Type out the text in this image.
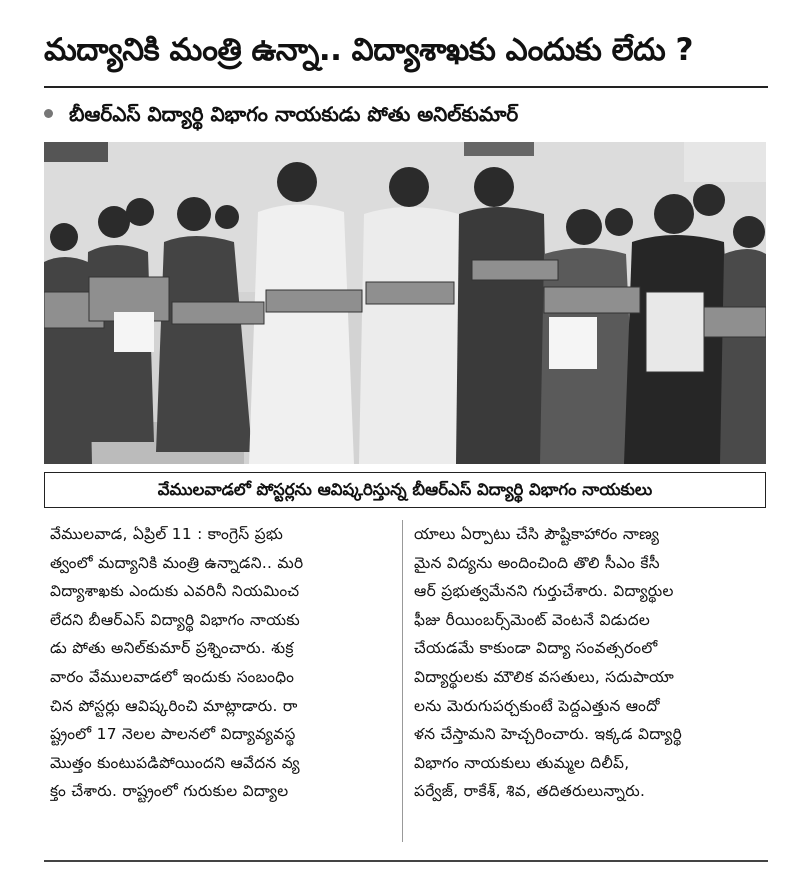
మద్యానికి మంత్రి ఉన్నా.. విద్యాశాఖకు ఎందుకు లేదు ?
బీఆర్ఎస్ విద్యార్థి విభాగం నాయకుడు పోతు అనిల్‌కుమార్
వేములవాడలో పోస్టర్లను ఆవిష్కరిస్తున్న బీఆర్ఎస్ విద్యార్థి విభాగం నాయకులు
వేములవాడ, ఏప్రిల్ 11 : కాంగ్రెస్ ప్రభు
త్వంలో మద్యానికి మంత్రి ఉన్నాడని.. మరి
విద్యాశాఖకు ఎందుకు ఎవరినీ నియమించ
లేదని బీఆర్ఎస్ విద్యార్థి విభాగం నాయకు
డు పోతు అనిల్‌కుమార్ ప్రశ్నించారు. శుక్ర
వారం వేములవాడలో ఇందుకు సంబంధిం
చిన పోస్టర్లు ఆవిష్కరించి మాట్లాడారు. రా
ష్ట్రంలో 17 నెలల పాలనలో విద్యావ్యవస్థ
మొత్తం కుంటుపడిపోయిందని ఆవేదన వ్య
క్తం చేశారు. రాష్ట్రంలో గురుకుల విద్యాల
యాలు ఏర్పాటు చేసి పౌష్టికాహారం నాణ్య
మైన విద్యను అందించింది తొలి సీఎం కేసీ
ఆర్ ప్రభుత్వమేనని గుర్తుచేశారు. విద్యార్థుల
ఫీజు రీయింబర్స్‌మెంట్ వెంటనే విడుదల
చేయడమే కాకుండా విద్యా సంవత్సరంలో
విద్యార్థులకు మౌలిక వసతులు, సదుపాయా
లను మెరుగుపర్చకుంటే పెద్దఎత్తున ఆందో
ళన చేస్తామని హెచ్చరించారు. ఇక్కడ విద్యార్థి
విభాగం నాయకులు తుమ్మల దిలీప్,
పర్వేజ్, రాకేశ్, శివ, తదితరులున్నారు.
